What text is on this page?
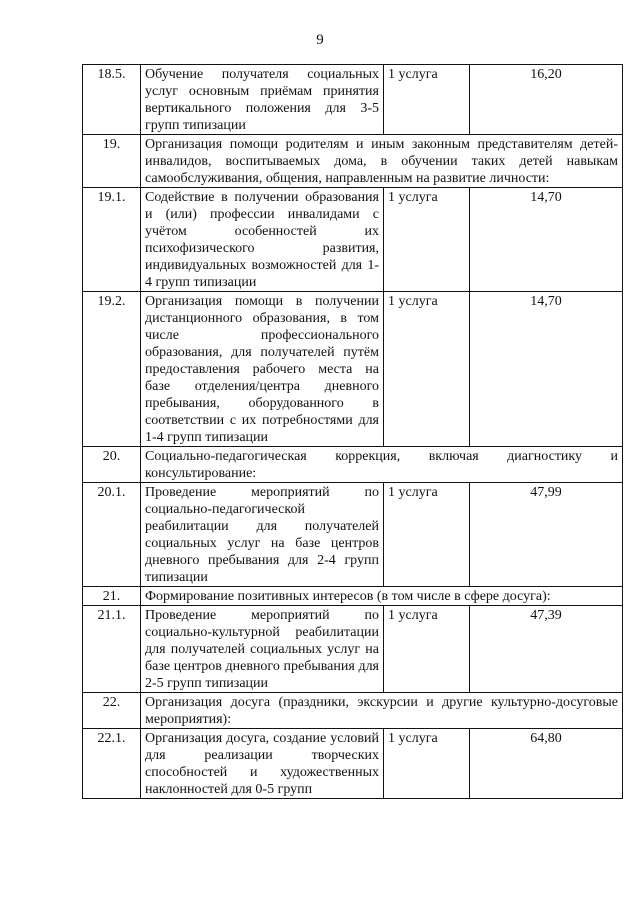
9
18.5.	Обучение получателя социальных услуг основным приёмам принятия вертикального положения для 3-5 групп типизации	1 услуга	16,20
19.	Организация помощи родителям и иным законным представителям детей-инвалидов, воспитываемых дома, в обучении таких детей навыкам самообслуживания, общения, направленным на развитие личности:		
19.1.	Содействие в получении образования и (или) профессии инвалидами с учётом особенностей их психофизического развития, индивидуальных возможностей для 1-4 групп типизации	1 услуга	14,70
19.2.	Организация помощи в получении дистанционного образования, в том числе профессионального образования, для получателей путём предоставления рабочего места на базе отделения/центра дневного пребывания, оборудованного в соответствии с их потребностями для 1-4 групп типизации	1 услуга	14,70
20.	Социально-педагогическая коррекция, включая диагностику и консультирование:		
20.1.	Проведение мероприятий по социально-педагогической реабилитации для получателей социальных услуг на базе центров дневного пребывания для 2-4 групп типизации	1 услуга	47,99
21.	Формирование позитивных интересов (в том числе в сфере досуга):		
21.1.	Проведение мероприятий по социально-культурной реабилитации для получателей социальных услуг на базе центров дневного пребывания для 2-5 групп типизации	1 услуга	47,39
22.	Организация досуга (праздники, экскурсии и другие культурно-досуговые мероприятия):		
22.1.	Организация досуга, создание условий для реализации творческих способностей и художественных наклонностей для 0-5 групп	1 услуга	64,80
